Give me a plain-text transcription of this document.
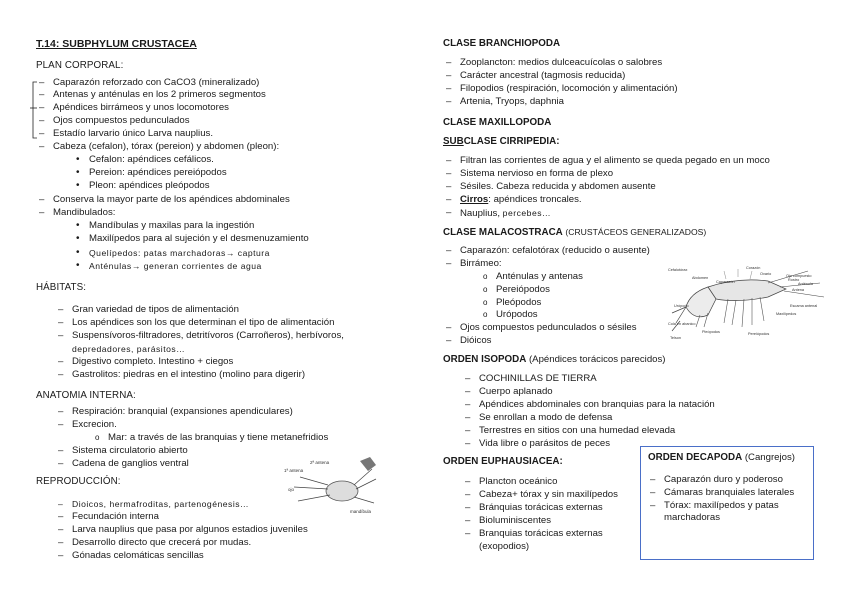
T.14: SUBPHYLUM CRUSTACEA
PLAN CORPORAL:
– Caparazón reforzado con CaCO3 (mineralizado)
– Antenas y anténulas en los 2 primeros segmentos
– Apéndices birrámeos y unos locomotores
– Ojos compuestos pedunculados
– Estadío larvario único Larva nauplius.
– Cabeza (cefalon), tórax (pereion) y abdomen (pleon):
• Cefalon: apéndices cefálicos.
• Pereion: apéndices pereiópodos
• Pleon: apéndices pleópodos
– Conserva la mayor parte de los apéndices abdominales
– Mandibulados:
• Mandíbulas y maxilas para la ingestión
• Maxilípedos para al sujeción y el desmenuzamiento
• Quelípedos: patas marchadoras→ captura
• Anténulas→ generan corrientes de agua
HÁBITATS:
– Gran variedad de tipos de alimentación
– Los apéndices son los que determinan el tipo de alimentación
– Suspensívoros-filtradores, detritívoros (Carroñeros), herbívoros,
depredadores, parásitos…
– Digestivo completo. Intestino + ciegos
– Gastrolitos: piedras en el intestino (molino para digerir)
ANATOMIA INTERNA:
– Respiración: branquial (expansiones apendiculares)
– Excrecion.
o Mar: a través de las branquias y tiene metanefridios
– Sistema circulatorio abierto
– Cadena de ganglios ventral
REPRODUCCIÓN:
– Dioicos, hermafroditas, partenogénesis…
– Fecundación interna
– Larva nauplius que pasa por algunos estadios juveniles
– Desarrollo directo que crecerá por mudas.
– Gónadas celomáticas sencillas
2ª antena
1ª antena
ojo
mandíbula
CLASE BRANCHIOPODA
– Zooplancton: medios dulceacuícolas o salobres
– Carácter ancestral (tagmosis reducida)
– Filopodios (respiración, locomoción y alimentación)
– Artenia, Tryops, daphnia
CLASE MAXILLOPODA
SUBCLASE CIRRIPEDIA:
– Filtran las corrientes de agua y el alimento se queda pegado en un moco
– Sistema nervioso en forma de plexo
– Sésiles. Cabeza reducida y abdomen ausente
– Cirros: apéndices troncales.
– Nauplius, percebes…
CLASE MALACOSTRACA (CRUSTÁCEOS GENERALIZADOS)
– Caparazón: cefalotórax (reducido o ausente)
– Birrámeo:
o Anténulas y antenas
o Pereiópodos
o Pleópodos
o Urópodos
– Ojos compuestos pedunculados o sésiles
– Dióicos
Cefalotórax
Caparazón
Corazón
Ovario	Ojo compuesto
Anténula
Antena
Rostro
Escama antenal
Maxilípedos
Pereiópodos
Pleópodos
Urópodo
Telson
Cola en abanico
Abdomen
ORDEN ISOPODA (Apéndices torácicos parecidos)
– COCHINILLAS DE TIERRA
– Cuerpo aplanado
– Apéndices abdominales con branquias para la natación
– Se enrollan a modo de defensa
– Terrestres en sitios con una humedad elevada
– Vida libre o parásitos de peces
ORDEN EUPHAUSIACEA:
– Plancton oceánico
– Cabeza+ tórax y sin maxilípedos
– Bránquias torácicas externas
– Bioluminiscentes
– Branquias torácicas externas
(exopodios)
ORDEN DECAPODA (Cangrejos)
– Caparazón duro y poderoso
– Cámaras branquiales laterales
– Tórax: maxilípedos y patas
marchadoras
